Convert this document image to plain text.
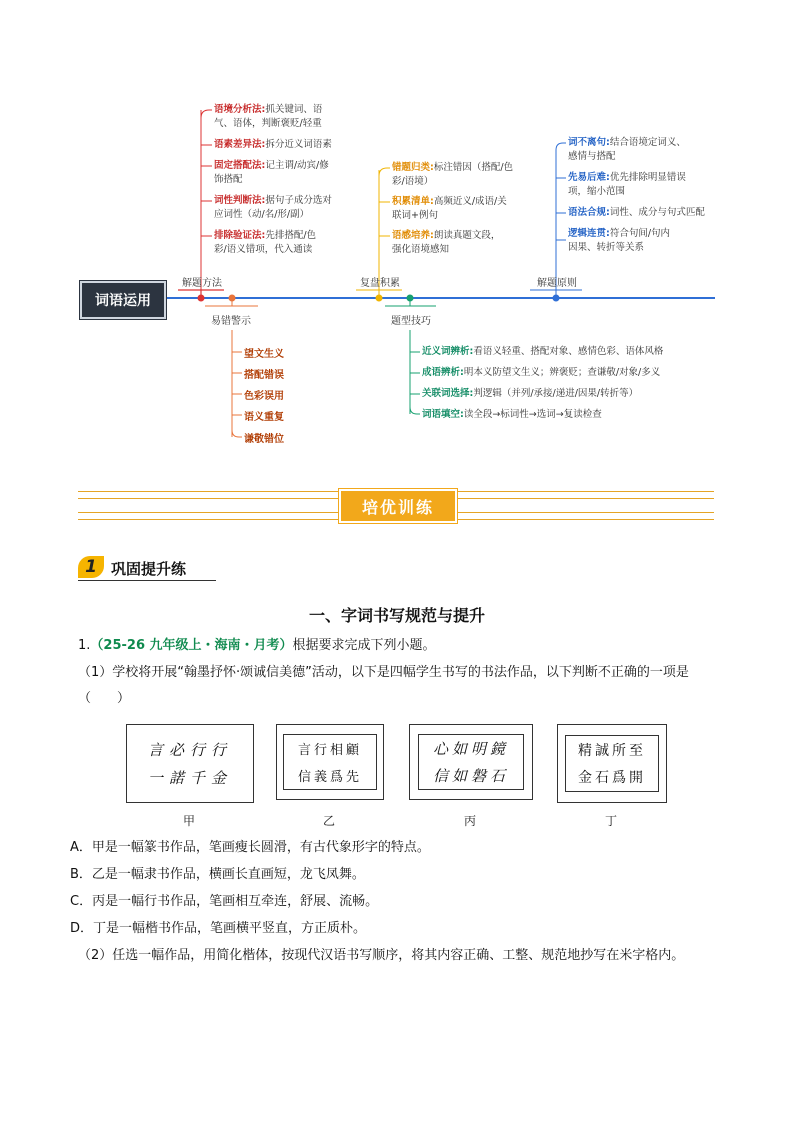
词语运用
解题方法
易错警示
复盘积累
题型技巧
解题原则
语境分析法:抓关键词、语
气、语体，判断褒贬/轻重
语素差异法:拆分近义词语素
固定搭配法:记主谓/动宾/修
饰搭配
词性判断法:据句子成分选对
应词性（动/名/形/副）
排除验证法:先排搭配/色
彩/语义错项，代入通读
望文生义
搭配错误
色彩误用
语义重复
谦敬错位
错题归类:标注错因（搭配/色
彩/语境）
积累清单:高频近义/成语/关
联词+例句
语感培养:朗读真题文段，
强化语境感知
近义词辨析:看语义轻重、搭配对象、感情色彩、语体风格
成语辨析:明本义防望文生义；辨褒贬；查谦敬/对象/多义
关联词选择:判逻辑（并列/承接/递进/因果/转折等）
词语填空:读全段→标词性→选词→复读检查
词不离句:结合语境定词义、
感情与搭配
先易后难:优先排除明显错误
项，缩小范围
语法合规:词性、成分与句式匹配
逻辑连贯:符合句间/句内
因果、转折等关系
培优训练
1 巩固提升练
一、字词书写规范与提升
1.（25-26 九年级上・海南・月考）根据要求完成下列小题。
（1）学校将开展“翰墨抒怀·颂诚信美德”活动，以下是四幅学生书写的书法作品，以下判断不正确的一项是
（　　）
言必行行
一諾千金
甲
言行相顧
信義爲先
乙
心如明鏡
信如磐石
丙
精誠所至
金石爲開
丁
A．甲是一幅篆书作品，笔画瘦长圆滑，有古代象形字的特点。
B．乙是一幅隶书作品，横画长直画短，龙飞凤舞。
C．丙是一幅行书作品，笔画相互牵连，舒展、流畅。
D．丁是一幅楷书作品，笔画横平竖直，方正质朴。
（2）任选一幅作品，用简化楷体，按现代汉语书写顺序，将其内容正确、工整、规范地抄写在米字格内。
